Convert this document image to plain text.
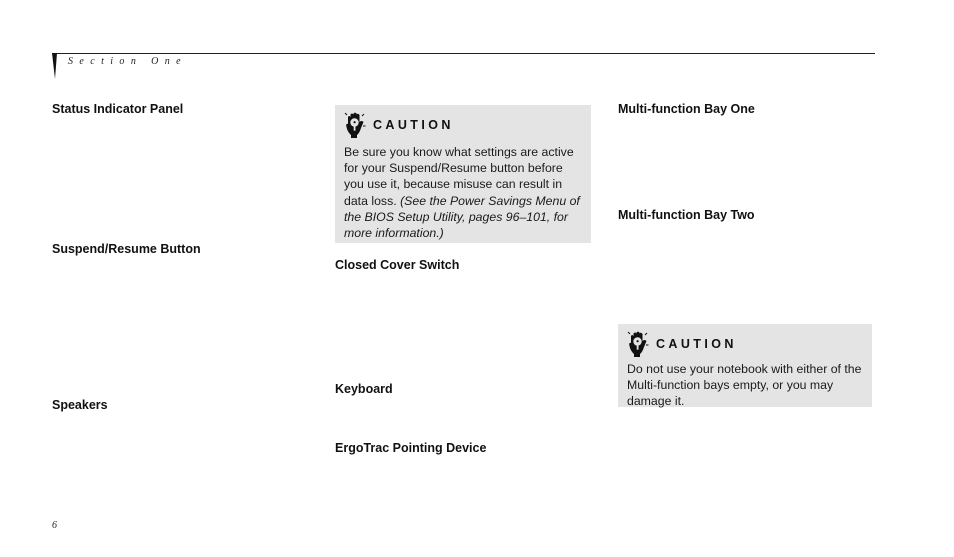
Section One
Status Indicator Panel
Suspend/Resume Button
Speakers
CAUTION
Be sure you know what settings are active for your Suspend/Resume button before you use it, because misuse can result in data loss. (See the Power Savings Menu of the BIOS Setup Utility, pages 96–101, for more information.)
Closed Cover Switch
Keyboard
ErgoTrac Pointing Device
Multi-function Bay One
Multi-function Bay Two
CAUTION
Do not use your notebook with either of the Multi-function bays empty, or you may damage it.
6
